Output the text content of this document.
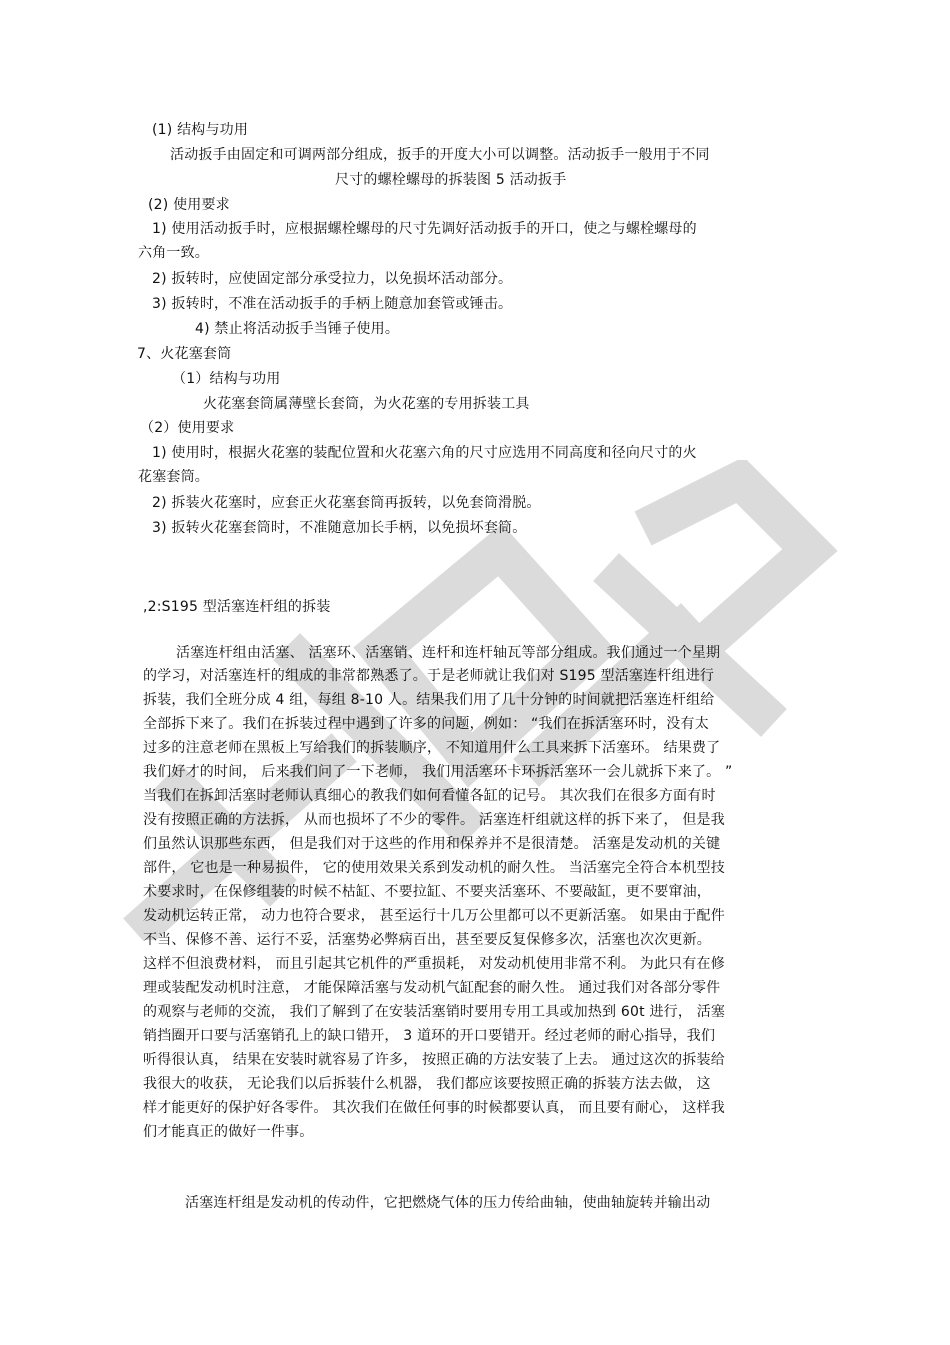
(1) 结构与功用
活动扳手由固定和可调两部分组成，扳手的开度大小可以调整。活动扳手一般用于不同
尺寸的螺栓螺母的拆装图 5 活动扳手
(2) 使用要求
1) 使用活动扳手时，应根据螺栓螺母的尺寸先调好活动扳手的开口，使之与螺栓螺母的
六角一致。
2) 扳转时，应使固定部分承受拉力，以免损坏活动部分。
3) 扳转时，不准在活动扳手的手柄上随意加套管或锤击。
4) 禁止将活动扳手当锤子使用。
7、火花塞套筒
（1）结构与功用
火花塞套筒属薄壁长套筒，为火花塞的专用拆装工具
（2）使用要求
1) 使用时，根据火花塞的装配位置和火花塞六角的尺寸应选用不同高度和径向尺寸的火
花塞套筒。
2) 拆装火花塞时，应套正火花塞套筒再扳转，以免套筒滑脱。
3) 扳转火花塞套筒时，不准随意加长手柄，以免损坏套筒。
,2:S195 型活塞连杆组的拆装
活塞连杆组由活塞、 活塞环、活塞销、连杆和连杆轴瓦等部分组成。我们通过一个星期
的学习，对活塞连杆的组成的非常都熟悉了。于是老师就让我们对 S195 型活塞连杆组进行
拆装，我们全班分成 4 组，每组 8-10 人。结果我们用了几十分钟的时间就把活塞连杆组给
全部拆下来了。我们在拆装过程中遇到了许多的问题，例如： “我们在拆活塞环时，没有太
过多的注意老师在黑板上写给我们的拆装顺序， 不知道用什么工具来拆下活塞环。 结果费了
我们好才的时间， 后来我们问了一下老师， 我们用活塞环卡环拆活塞环一会儿就拆下来了。 ”
当我们在拆卸活塞时老师认真细心的教我们如何看懂各缸的记号。 其次我们在很多方面有时
没有按照正确的方法拆， 从而也损坏了不少的零件。 活塞连杆组就这样的拆下来了， 但是我
们虽然认识那些东西， 但是我们对于这些的作用和保养并不是很清楚。 活塞是发动机的关键
部件， 它也是一种易损件， 它的使用效果关系到发动机的耐久性。 当活塞完全符合本机型技
术要求时，在保修组装的时候不枯缸、不要拉缸、不要夹活塞环、不要敲缸，更不要窜油，
发动机运转正常， 动力也符合要求， 甚至运行十几万公里都可以不更新活塞。 如果由于配件
不当、保修不善、运行不妥，活塞势必弊病百出，甚至要反复保修多次，活塞也次次更新。
这样不但浪费材料， 而且引起其它机件的严重损耗， 对发动机使用非常不利。 为此只有在修
理或装配发动机时注意， 才能保障活塞与发动机气缸配套的耐久性。 通过我们对各部分零件
的观察与老师的交流， 我们了解到了在安装活塞销时要用专用工具或加热到 60t 进行， 活塞
销挡圈开口要与活塞销孔上的缺口错开， 3 道环的开口要错开。经过老师的耐心指导，我们
听得很认真， 结果在安装时就容易了许多， 按照正确的方法安装了上去。 通过这次的拆装给
我很大的收获， 无论我们以后拆装什么机器， 我们都应该要按照正确的拆装方法去做， 这
样才能更好的保护好各零件。 其次我们在做任何事的时候都要认真， 而且要有耐心， 这样我
们才能真正的做好一件事。
活塞连杆组是发动机的传动件，它把燃烧气体的压力传给曲轴，使曲轴旋转并输出动
